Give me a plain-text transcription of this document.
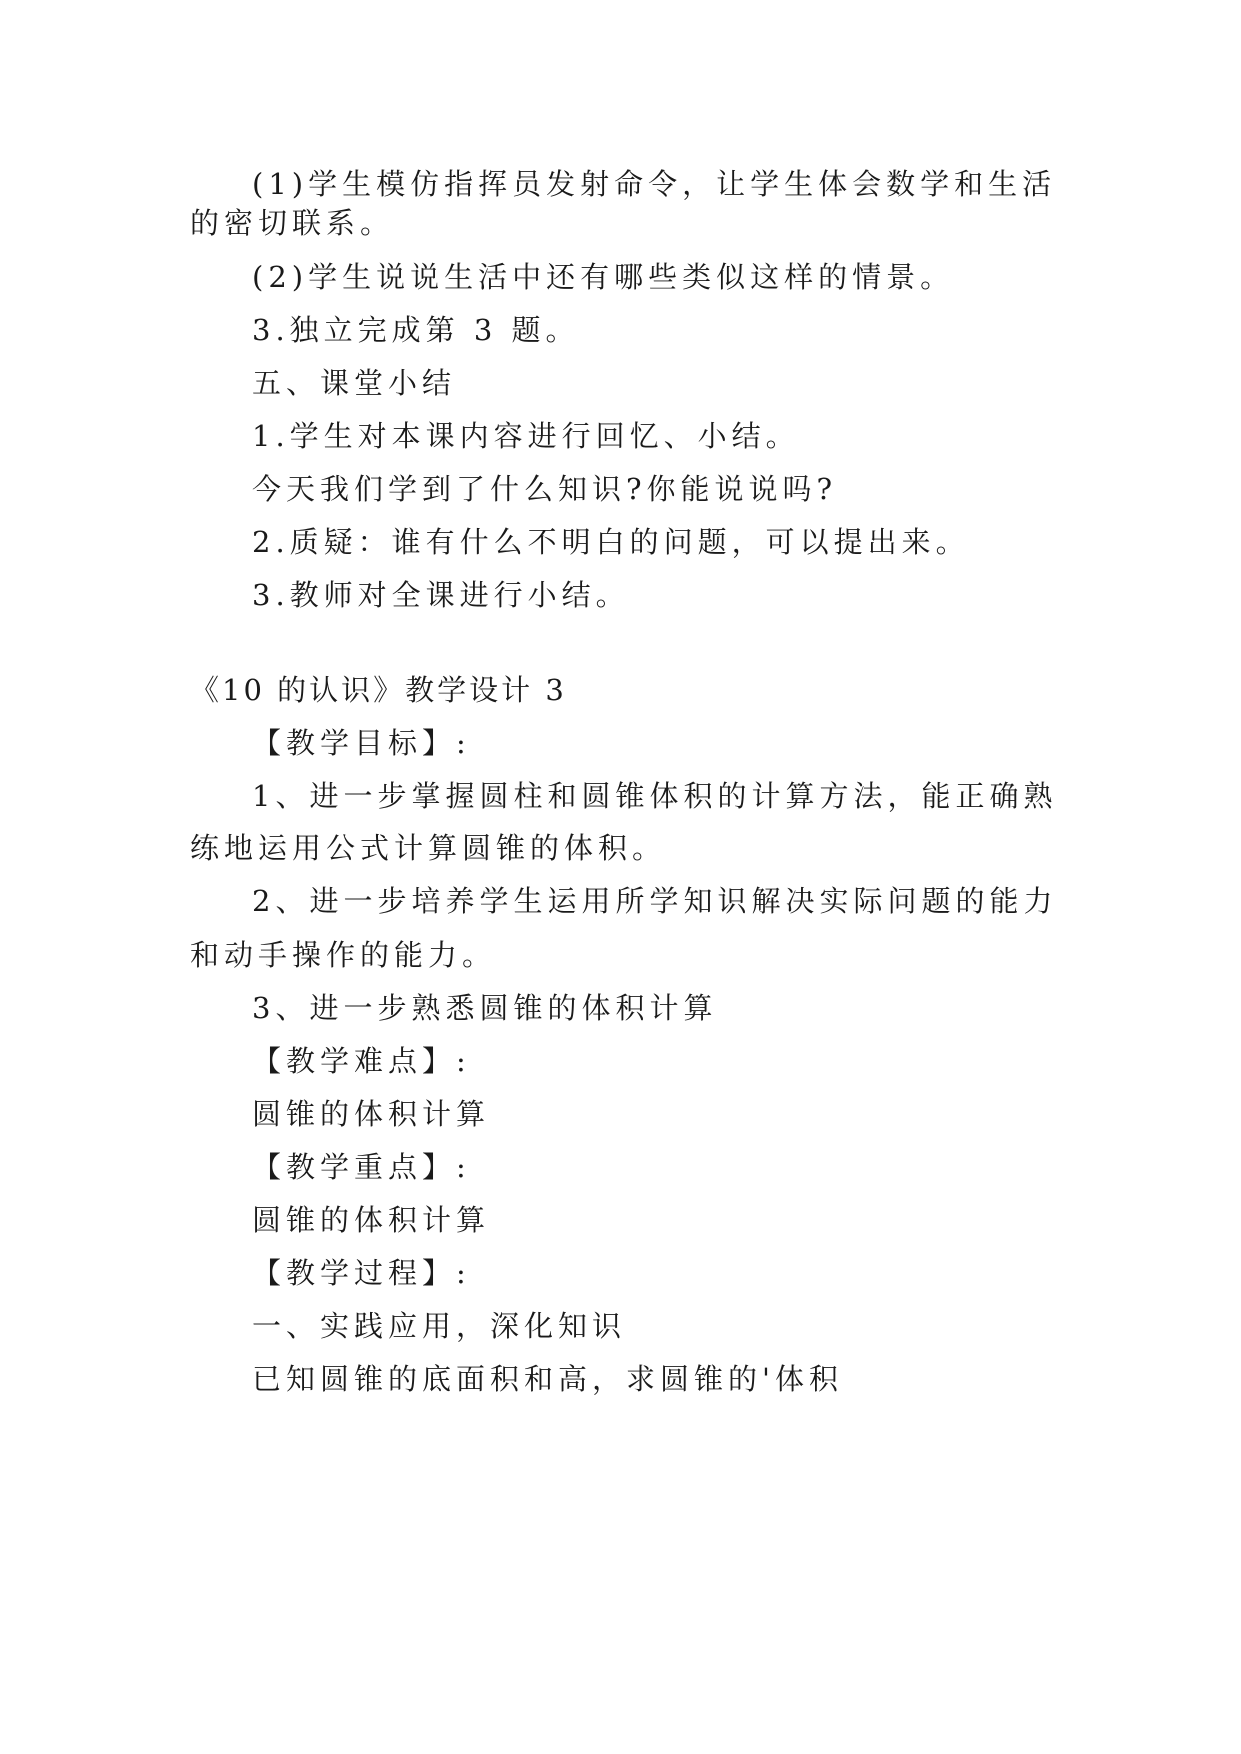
(1)学生模仿指挥员发射命令，让学生体会数学和生活
的密切联系。
(2)学生说说生活中还有哪些类似这样的情景。
3.独立完成第 3 题。
五、课堂小结
1.学生对本课内容进行回忆、小结。
今天我们学到了什么知识?你能说说吗?
2.质疑：谁有什么不明白的问题，可以提出来。
3.教师对全课进行小结。
《10 的认识》教学设计 3
【教学目标】:
1、进一步掌握圆柱和圆锥体积的计算方法，能正确熟
练地运用公式计算圆锥的体积。
2、进一步培养学生运用所学知识解决实际问题的能力
和动手操作的能力。
3、进一步熟悉圆锥的体积计算
【教学难点】:
圆锥的体积计算
【教学重点】:
圆锥的体积计算
【教学过程】:
一、实践应用，深化知识
已知圆锥的底面积和高，求圆锥的'体积
